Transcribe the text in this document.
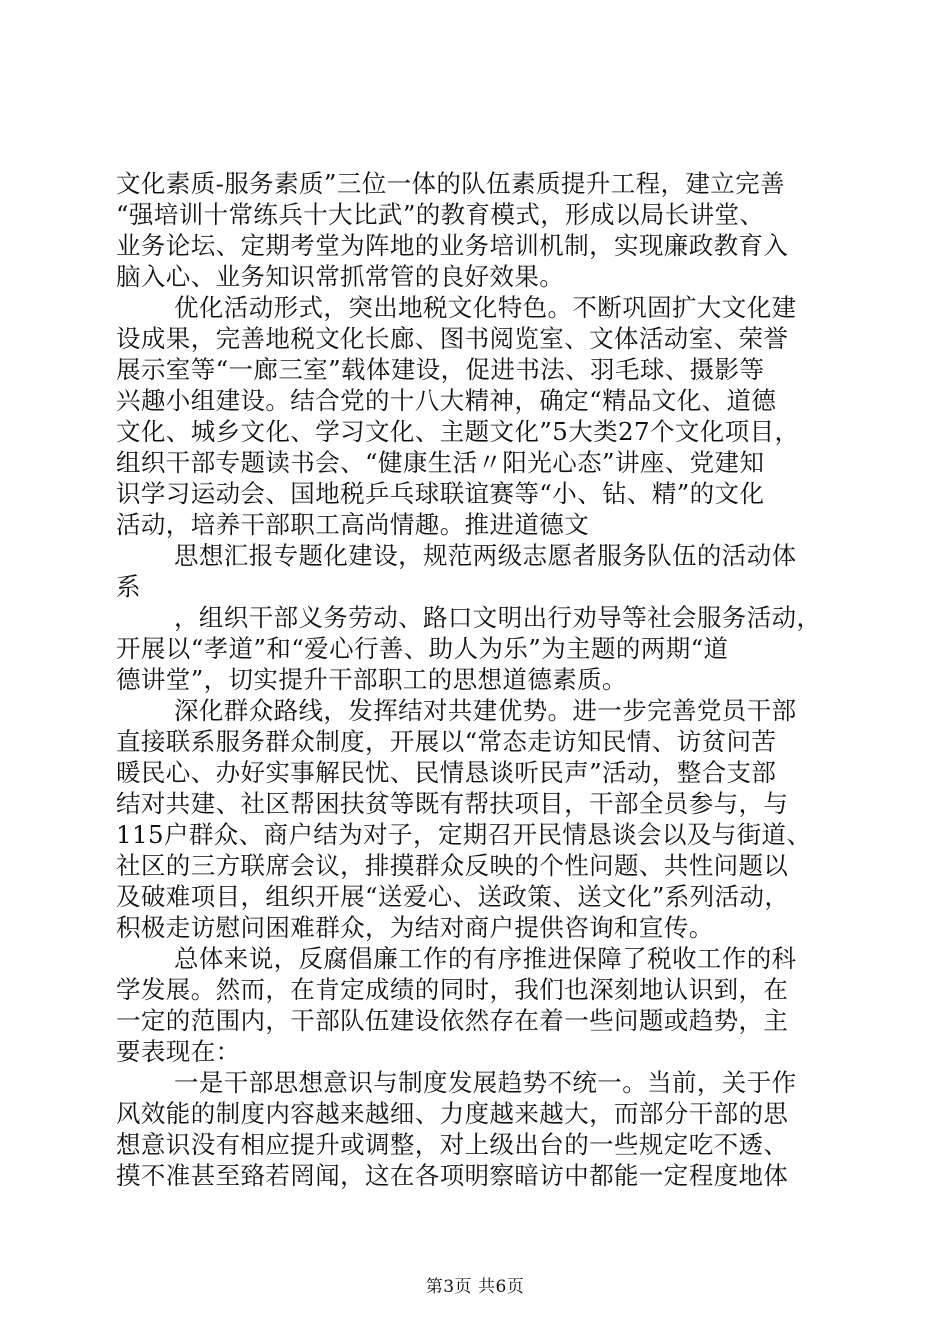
文化素质-服务素质”三位一体的队伍素质提升工程，建立完善
“强培训十常练兵十大比武”的教育模式，形成以局长讲堂、
业务论坛、定期考堂为阵地的业务培训机制，实现廉政教育入
脑入心、业务知识常抓常管的良好效果。
优化活动形式，突出地税文化特色。不断巩固扩大文化建
设成果，完善地税文化长廊、图书阅览室、文体活动室、荣誉
展示室等“一廊三室”载体建设，促进书法、羽毛球、摄影等
兴趣小组建设。结合党的十八大精神，确定“精品文化、道德
文化、城乡文化、学习文化、主题文化”5大类27个文化项目，
组织干部专题读书会、“健康生活〃阳光心态”讲座、党建知
识学习运动会、国地税乒乓球联谊赛等“小、钻、精”的文化
活动，培养干部职工高尚情趣。推进道德文
思想汇报专题化建设，规范两级志愿者服务队伍的活动体
系
，组织干部义务劳动、路口文明出行劝导等社会服务活动，
开展以“孝道”和“爱心行善、助人为乐”为主题的两期“道
德讲堂”，切实提升干部职工的思想道德素质。
深化群众路线，发挥结对共建优势。进一步完善党员干部
直接联系服务群众制度，开展以“常态走访知民情、访贫问苦
暖民心、办好实事解民忧、民情恳谈听民声”活动，整合支部
结对共建、社区帮困扶贫等既有帮扶项目，干部全员参与，与
115户群众、商户结为对子，定期召开民情恳谈会以及与街道、
社区的三方联席会议，排摸群众反映的个性问题、共性问题以
及破难项目，组织开展“送爱心、送政策、送文化”系列活动，
积极走访慰问困难群众，为结对商户提供咨询和宣传。
总体来说，反腐倡廉工作的有序推进保障了税收工作的科
学发展。然而，在肯定成绩的同时，我们也深刻地认识到，在
一定的范围内，干部队伍建设依然存在着一些问题或趋势，主
要表现在：
一是干部思想意识与制度发展趋势不统一。当前，关于作
风效能的制度内容越来越细、力度越来越大，而部分干部的思
想意识没有相应提升或调整，对上级出台的一些规定吃不透、
摸不准甚至臵若罔闻，这在各项明察暗访中都能一定程度地体
第3页 共6页
